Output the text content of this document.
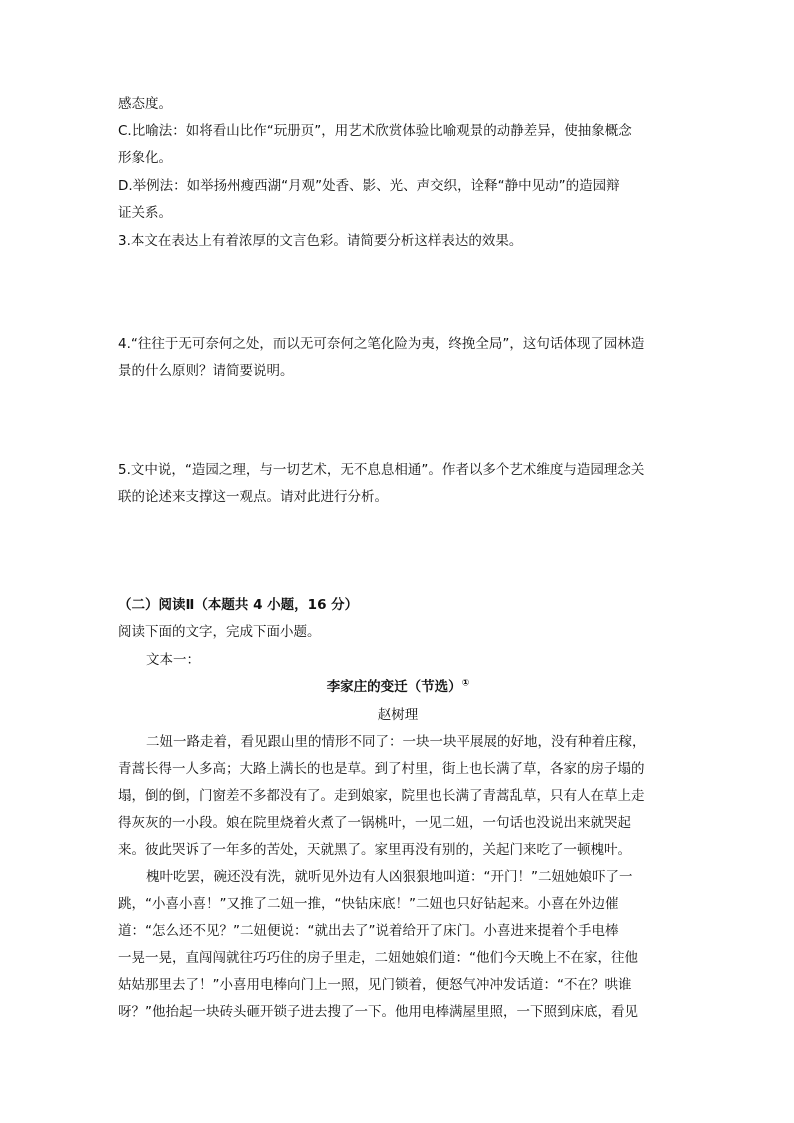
感态度。
C.比喻法：如将看山比作“玩册页”，用艺术欣赏体验比喻观景的动静差异，使抽象概念
形象化。
D.举例法：如举扬州瘦西湖“月观”处香、影、光、声交织，诠释“静中见动”的造园辩
证关系。
3.本文在表达上有着浓厚的文言色彩。请简要分析这样表达的效果。
4.“往往于无可奈何之处，而以无可奈何之笔化险为夷，终挽全局”，这句话体现了园林造
景的什么原则？请简要说明。
5.文中说，“造园之理，与一切艺术，无不息息相通”。作者以多个艺术维度与造园理念关
联的论述来支撑这一观点。请对此进行分析。
（二）阅读Ⅱ（本题共 4 小题，16 分）
阅读下面的文字，完成下面小题。
文本一：
李家庄的变迁（节选）①
赵树理
二妞一路走着，看见跟山里的情形不同了：一块一块平展展的好地，没有种着庄稼，
青蒿长得一人多高；大路上满长的也是草。到了村里，街上也长满了草，各家的房子塌的
塌，倒的倒，门窗差不多都没有了。走到娘家，院里也长满了青蒿乱草，只有人在草上走
得灰灰的一小段。娘在院里烧着火煮了一锅桃叶，一见二妞，一句话也没说出来就哭起
来。彼此哭诉了一年多的苦处，天就黑了。家里再没有别的，关起门来吃了一顿槐叶。
槐叶吃罢，碗还没有洗，就听见外边有人凶狠狠地叫道：“开门！”二妞她娘吓了一
跳，“小喜小喜！”又推了二妞一推，“快钻床底！”二妞也只好钻起来。小喜在外边催
道：“怎么还不见？”二妞便说：“就出去了”说着给开了床门。小喜进来提着个手电棒
一晃一晃，直闯闯就往巧巧住的房子里走，二妞她娘们道：“他们今天晚上不在家，往他
姑姑那里去了！”小喜用电棒向门上一照，见门锁着，便怒气冲冲发话道：“不在？哄谁
呀？”他抬起一块砖头砸开锁子进去搜了一下。他用电棒满屋里照，一下照到床底，看见
